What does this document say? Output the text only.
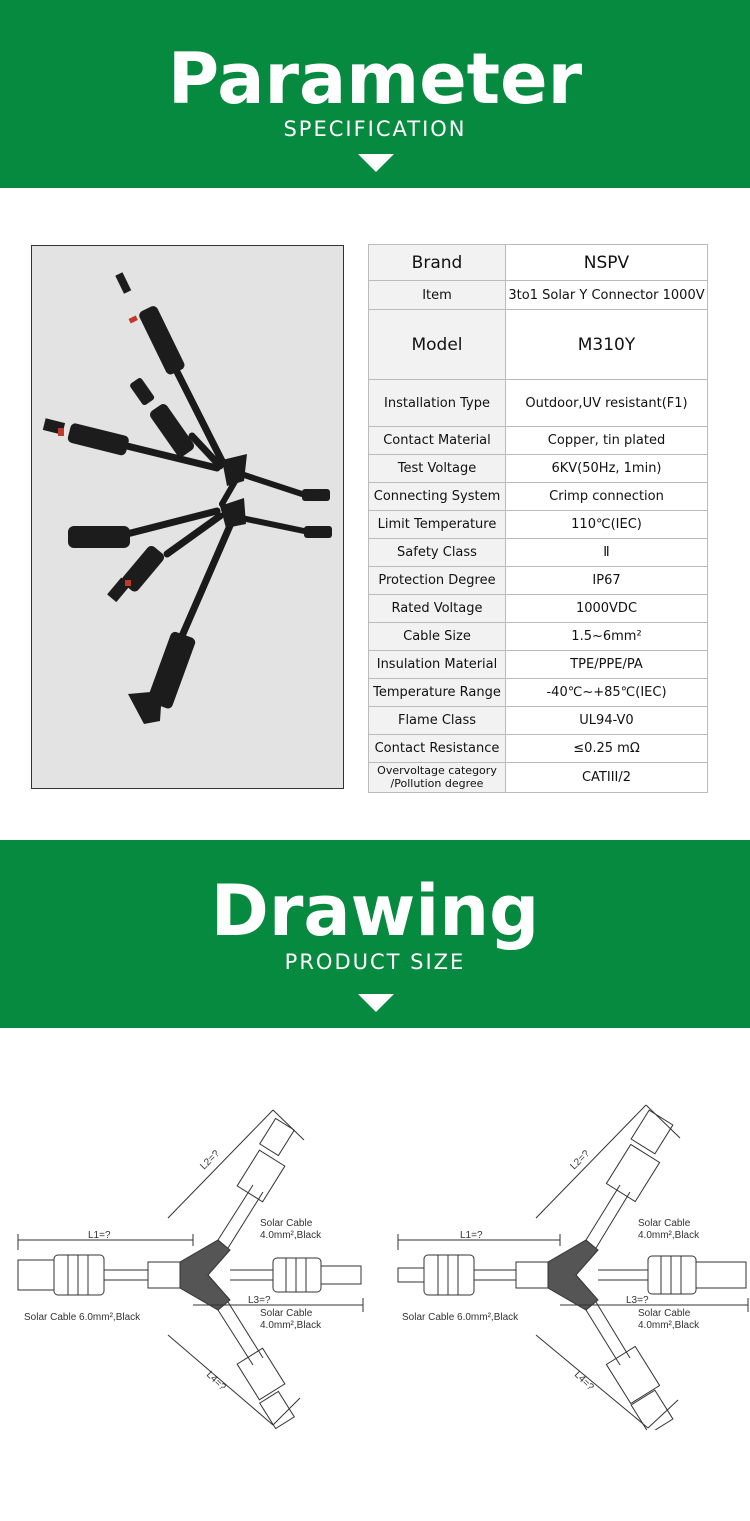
Parameter
SPECIFICATION
Brand	NSPV
Item	3to1 Solar Y Connector 1000V
Model	M310Y
Installation Type	Outdoor,UV resistant(F1)
Contact Material	Copper, tin plated
Test Voltage	6KV(50Hz, 1min)
Connecting System	Crimp connection
Limit Temperature	110℃(IEC)
Safety Class	Ⅱ
Protection Degree	IP67
Rated Voltage	1000VDC
Cable Size	1.5~6mm²
Insulation Material	TPE/PPE/PA
Temperature Range	-40℃~+85℃(IEC)
Flame Class	UL94-V0
Contact Resistance	≤0.25 mΩ

Overvoltage category
/Pollution degree	CATIII/2
Drawing
PRODUCT SIZE
L1=?
L2=?
L3=?
L4=?
Solar Cable 6.0mm²,Black
Solar Cable
4.0mm²,Black
Solar Cable
4.0mm²,Black
L1=?
L2=?
L3=?
L4=?
Solar Cable 6.0mm²,Black
Solar Cable
4.0mm²,Black
Solar Cable
4.0mm²,Black
